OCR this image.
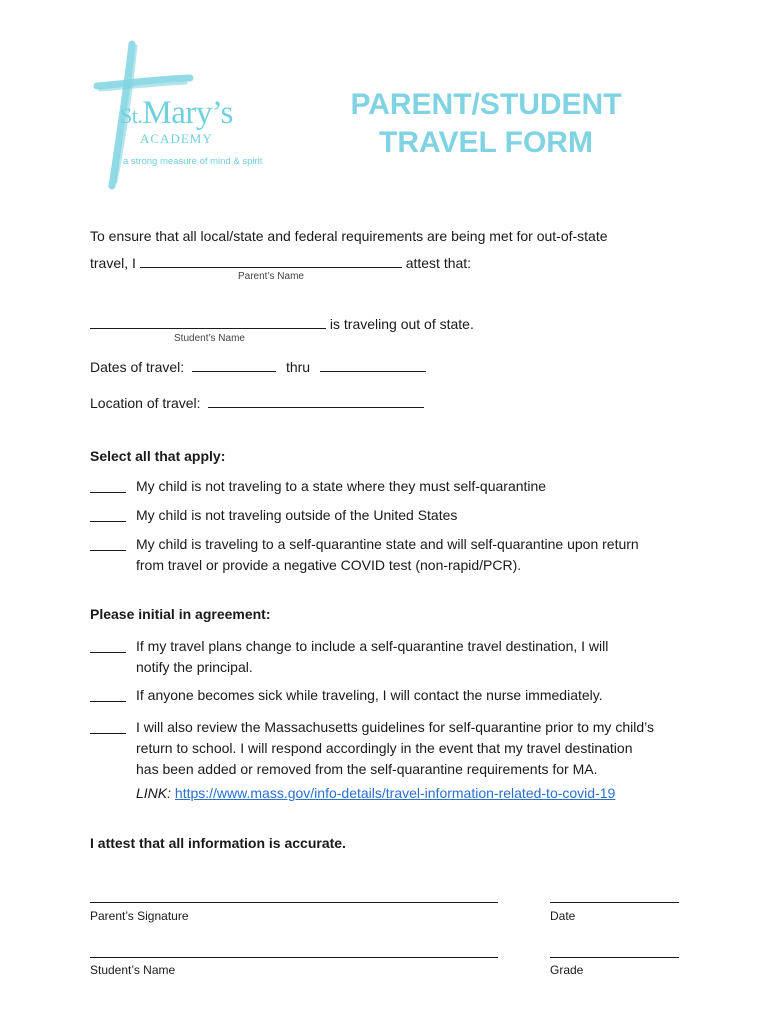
St.Mary’s
ACADEMY
a strong measure of mind & spirit
PARENT/STUDENT
TRAVEL FORM
To ensure that all local/state and federal requirements are being met for out-of-state
travel, I	attest that:
Parent’s Name
is traveling out of state.
Student’s Name
Dates of travel:	thru
Location of travel:
Select all that apply:
My child is not traveling to a state where they must self-quarantine
My child is not traveling outside of the United States
My child is traveling to a self-quarantine state and will self-quarantine upon return
from travel or provide a negative COVID test (non-rapid/PCR).
Please initial in agreement:
If my travel plans change to include a self-quarantine travel destination, I will
notify the principal.
If anyone becomes sick while traveling, I will contact the nurse immediately.
I will also review the Massachusetts guidelines for self-quarantine prior to my child’s
return to school. I will respond accordingly in the event that my travel destination
has been added or removed from the self-quarantine requirements for MA.
LINK: https://www.mass.gov/info-details/travel-information-related-to-covid-19
I attest that all information is accurate.
Parent’s Signature	Date
Student’s Name	Grade
